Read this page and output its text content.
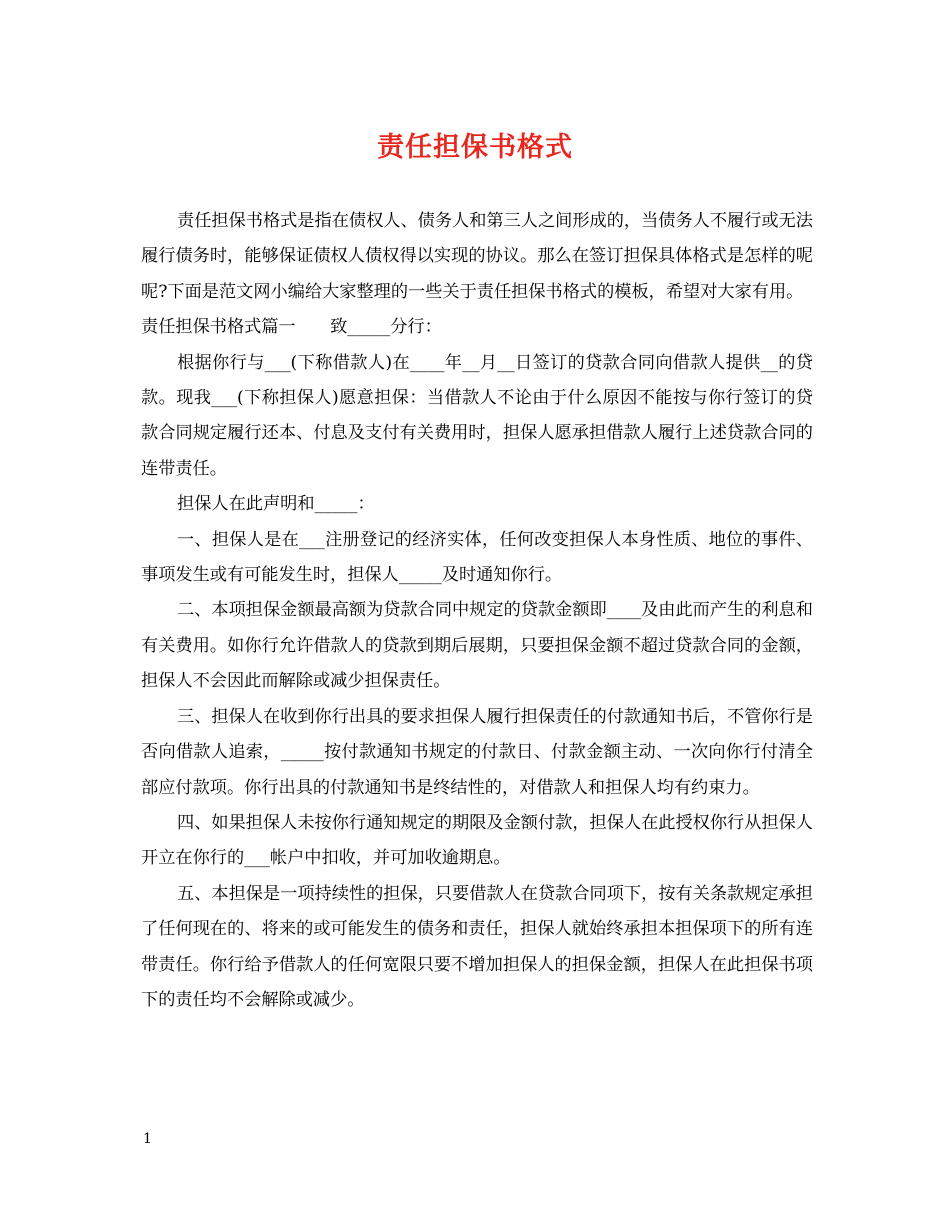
责任担保书格式

责任担保书格式是指在债权人、债务人和第三人之间形成的，当债务人不履行或无法履行债务时，能够保证债权人债权得以实现的协议。那么在签订担保具体格式是怎样的呢呢?下面是范文网小编给大家整理的一些关于责任担保书格式的模板，希望对大家有用。

责任担保书格式篇一　　致_____分行：

根据你行与___(下称借款人)在____年__月__日签订的贷款合同向借款人提供__的贷款。现我___(下称担保人)愿意担保：当借款人不论由于什么原因不能按与你行签订的贷款合同规定履行还本、付息及支付有关费用时，担保人愿承担借款人履行上述贷款合同的连带责任。

担保人在此声明和_____：

一、担保人是在___注册登记的经济实体，任何改变担保人本身性质、地位的事件、事项发生或有可能发生时，担保人_____及时通知你行。

二、本项担保金额最高额为贷款合同中规定的贷款金额即____及由此而产生的利息和有关费用。如你行允许借款人的贷款到期后展期，只要担保金额不超过贷款合同的金额，担保人不会因此而解除或减少担保责任。

三、担保人在收到你行出具的要求担保人履行担保责任的付款通知书后，不管你行是否向借款人追索，_____按付款通知书规定的付款日、付款金额主动、一次向你行付清全部应付款项。你行出具的付款通知书是终结性的，对借款人和担保人均有约束力。

四、如果担保人未按你行通知规定的期限及金额付款，担保人在此授权你行从担保人开立在你行的___帐户中扣收，并可加收逾期息。

五、本担保是一项持续性的担保，只要借款人在贷款合同项下，按有关条款规定承担了任何现在的、将来的或可能发生的债务和责任，担保人就始终承担本担保项下的所有连带责任。你行给予借款人的任何宽限只要不增加担保人的担保金额，担保人在此担保书项下的责任均不会解除或减少。

1
